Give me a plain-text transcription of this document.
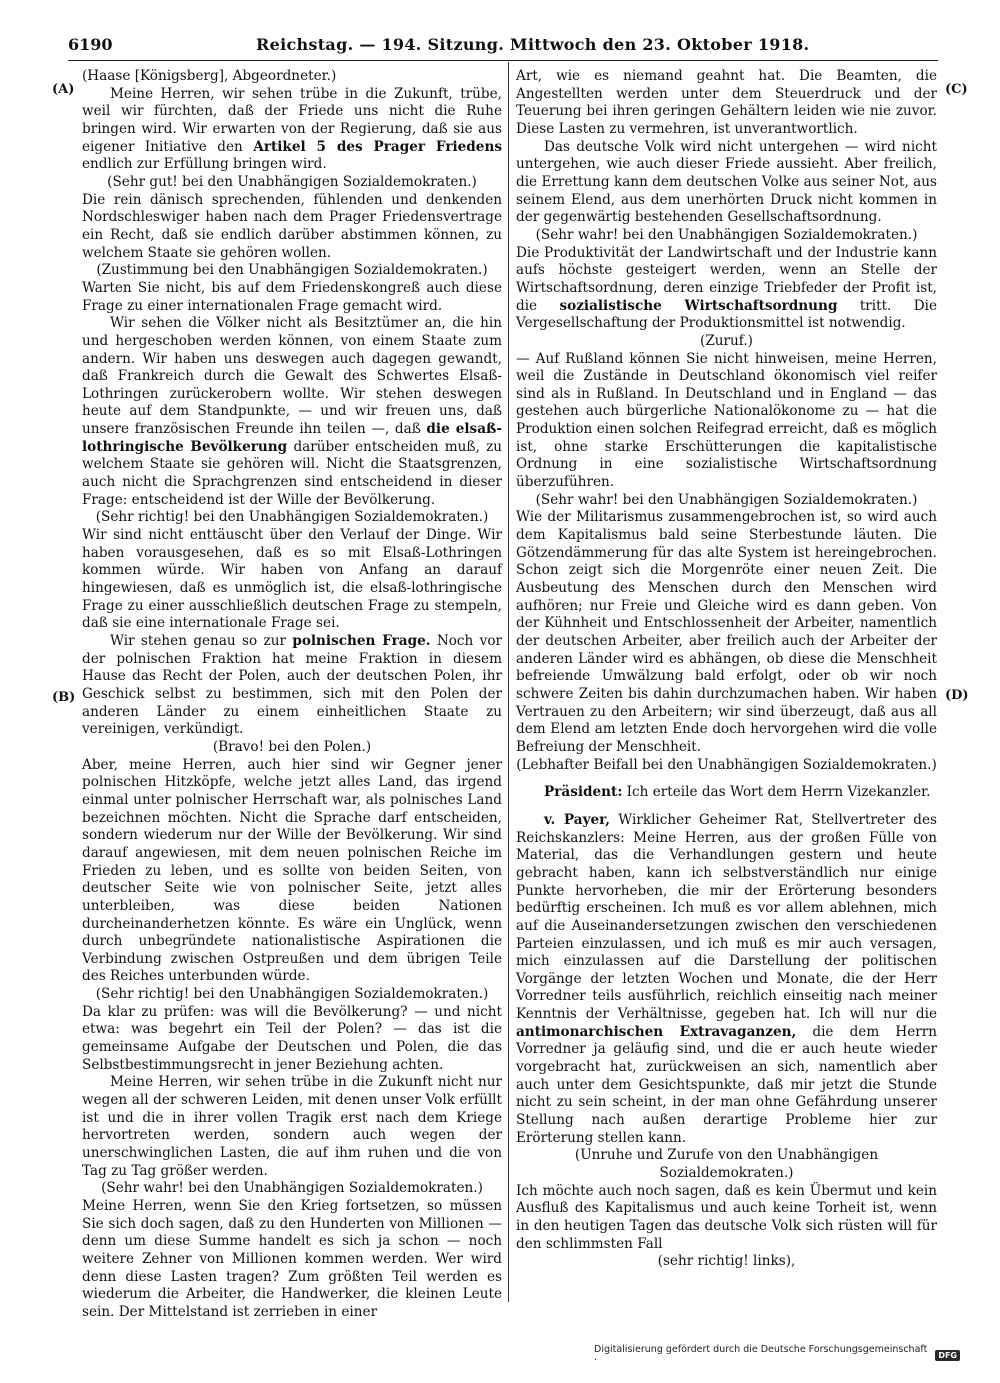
6190	Reichstag. — 194. Sitzung. Mittwoch den 23. Oktober 1918.
(A)
(B)
(C)
(D)

(Haase [Königsberg], Abgeordneter.)

Meine Herren, wir sehen trübe in die Zukunft, trübe, weil wir fürchten, daß der Friede uns nicht die Ruhe bringen wird. Wir erwarten von der Regierung, daß sie aus eigener Initiative den Artikel 5 des Prager Friedens endlich zur Erfüllung bringen wird.

(Sehr gut! bei den Unabhängigen Sozialdemokraten.)

Die rein dänisch sprechenden, fühlenden und denkenden Nordschleswiger haben nach dem Prager Friedensvertrage ein Recht, daß sie endlich darüber abstimmen können, zu welchem Staate sie gehören wollen.

(Zustimmung bei den Unabhängigen Sozialdemokraten.)

Warten Sie nicht, bis auf dem Friedenskongreß auch diese Frage zu einer internationalen Frage gemacht wird.

Wir sehen die Völker nicht als Besitztümer an, die hin und hergeschoben werden können, von einem Staate zum andern. Wir haben uns deswegen auch dagegen gewandt, daß Frankreich durch die Gewalt des Schwertes Elsaß-Lothringen zurückerobern wollte. Wir stehen deswegen heute auf dem Standpunkte, — und wir freuen uns, daß unsere französischen Freunde ihn teilen —, daß die elsaß-lothringische Bevölkerung darüber entscheiden muß, zu welchem Staate sie gehören will. Nicht die Staatsgrenzen, auch nicht die Sprachgrenzen sind entscheidend in dieser Frage: entscheidend ist der Wille der Bevölkerung.

(Sehr richtig! bei den Unabhängigen Sozialdemokraten.)

Wir sind nicht enttäuscht über den Verlauf der Dinge. Wir haben vorausgesehen, daß es so mit Elsaß-Lothringen kommen würde. Wir haben von Anfang an darauf hingewiesen, daß es unmöglich ist, die elsaß-lothringische Frage zu einer ausschließlich deutschen Frage zu stempeln, daß sie eine internationale Frage sei.

Wir stehen genau so zur polnischen Frage. Noch vor der polnischen Fraktion hat meine Fraktion in diesem Hause das Recht der Polen, auch der deutschen Polen, ihr Geschick selbst zu bestimmen, sich mit den Polen der anderen Länder zu einem einheitlichen Staate zu vereinigen, verkündigt.

(Bravo! bei den Polen.)

Aber, meine Herren, auch hier sind wir Gegner jener polnischen Hitzköpfe, welche jetzt alles Land, das irgend einmal unter polnischer Herrschaft war, als polnisches Land bezeichnen möchten. Nicht die Sprache darf entscheiden, sondern wiederum nur der Wille der Bevölkerung. Wir sind darauf angewiesen, mit dem neuen polnischen Reiche im Frieden zu leben, und es sollte von beiden Seiten, von deutscher Seite wie von polnischer Seite, jetzt alles unterbleiben, was diese beiden Nationen durcheinanderhetzen könnte. Es wäre ein Unglück, wenn durch unbegründete nationalistische Aspirationen die Verbindung zwischen Ostpreußen und dem übrigen Teile des Reiches unterbunden würde.

(Sehr richtig! bei den Unabhängigen Sozialdemokraten.)

Da klar zu prüfen: was will die Bevölkerung? — und nicht etwa: was begehrt ein Teil der Polen? — das ist die gemeinsame Aufgabe der Deutschen und Polen, die das Selbstbestimmungsrecht in jener Beziehung achten.

Meine Herren, wir sehen trübe in die Zukunft nicht nur wegen all der schweren Leiden, mit denen unser Volk erfüllt ist und die in ihrer vollen Tragik erst nach dem Kriege hervortreten werden, sondern auch wegen der unerschwinglichen Lasten, die auf ihm ruhen und die von Tag zu Tag größer werden.

(Sehr wahr! bei den Unabhängigen Sozialdemokraten.)

Meine Herren, wenn Sie den Krieg fortsetzen, so müssen Sie sich doch sagen, daß zu den Hunderten von Millionen — denn um diese Summe handelt es sich ja schon — noch weitere Zehner von Millionen kommen werden. Wer wird denn diese Lasten tragen? Zum größten Teil werden es wiederum die Arbeiter, die Handwerker, die kleinen Leute sein. Der Mittelstand ist zerrieben in einer

Art, wie es niemand geahnt hat. Die Beamten, die Angestellten werden unter dem Steuerdruck und der Teuerung bei ihren geringen Gehältern leiden wie nie zuvor. Diese Lasten zu vermehren, ist unverantwortlich.

Das deutsche Volk wird nicht untergehen — wird nicht untergehen, wie auch dieser Friede aussieht. Aber freilich, die Errettung kann dem deutschen Volke aus seiner Not, aus seinem Elend, aus dem unerhörten Druck nicht kommen in der gegenwärtig bestehenden Gesellschaftsordnung.

(Sehr wahr! bei den Unabhängigen Sozialdemokraten.)

Die Produktivität der Landwirtschaft und der Industrie kann aufs höchste gesteigert werden, wenn an Stelle der Wirtschaftsordnung, deren einzige Triebfeder der Profit ist, die sozialistische Wirtschaftsordnung tritt. Die Vergesellschaftung der Produktionsmittel ist notwendig.

(Zuruf.)

— Auf Rußland können Sie nicht hinweisen, meine Herren, weil die Zustände in Deutschland ökonomisch viel reifer sind als in Rußland. In Deutschland und in England — das gestehen auch bürgerliche Nationalökonome zu — hat die Produktion einen solchen Reifegrad erreicht, daß es möglich ist, ohne starke Erschütterungen die kapitalistische Ordnung in eine sozialistische Wirtschaftsordnung überzuführen.

(Sehr wahr! bei den Unabhängigen Sozialdemokraten.)

Wie der Militarismus zusammengebrochen ist, so wird auch dem Kapitalismus bald seine Sterbestunde läuten. Die Götzendämmerung für das alte System ist hereingebrochen. Schon zeigt sich die Morgenröte einer neuen Zeit. Die Ausbeutung des Menschen durch den Menschen wird aufhören; nur Freie und Gleiche wird es dann geben. Von der Kühnheit und Entschlossenheit der Arbeiter, namentlich der deutschen Arbeiter, aber freilich auch der Arbeiter der anderen Länder wird es abhängen, ob diese die Menschheit befreiende Umwälzung bald erfolgt, oder ob wir noch schwere Zeiten bis dahin durchzumachen haben. Wir haben Vertrauen zu den Arbeitern; wir sind überzeugt, daß aus all dem Elend am letzten Ende doch hervorgehen wird die volle Befreiung der Menschheit.

(Lebhafter Beifall bei den Unabhängigen Sozialdemokraten.)

Präsident: Ich erteile das Wort dem Herrn Vizekanzler.

v. Payer, Wirklicher Geheimer Rat, Stellvertreter des Reichskanzlers: Meine Herren, aus der großen Fülle von Material, das die Verhandlungen gestern und heute gebracht haben, kann ich selbstverständlich nur einige Punkte hervorheben, die mir der Erörterung besonders bedürftig erscheinen. Ich muß es vor allem ablehnen, mich auf die Auseinandersetzungen zwischen den verschiedenen Parteien einzulassen, und ich muß es mir auch versagen, mich einzulassen auf die Darstellung der politischen Vorgänge der letzten Wochen und Monate, die der Herr Vorredner teils ausführlich, reichlich einseitig nach meiner Kenntnis der Verhältnisse, gegeben hat. Ich will nur die antimonarchischen Extravaganzen, die dem Herrn Vorredner ja geläufig sind, und die er auch heute wieder vorgebracht hat, zurückweisen an sich, namentlich aber auch unter dem Gesichtspunkte, daß mir jetzt die Stunde nicht zu sein scheint, in der man ohne Gefährdung unserer Stellung nach außen derartige Probleme hier zur Erörterung stellen kann.

(Unruhe und Zurufe von den Unabhängigen Sozialdemokraten.)

Ich möchte auch noch sagen, daß es kein Übermut und kein Ausfluß des Kapitalismus und auch keine Torheit ist, wenn in den heutigen Tagen das deutsche Volk sich rüsten will für den schlimmsten Fall

(sehr richtig! links),

Digitalisierung gefördert durch die Deutsche Forschungsgemeinschaft ·	DFG
